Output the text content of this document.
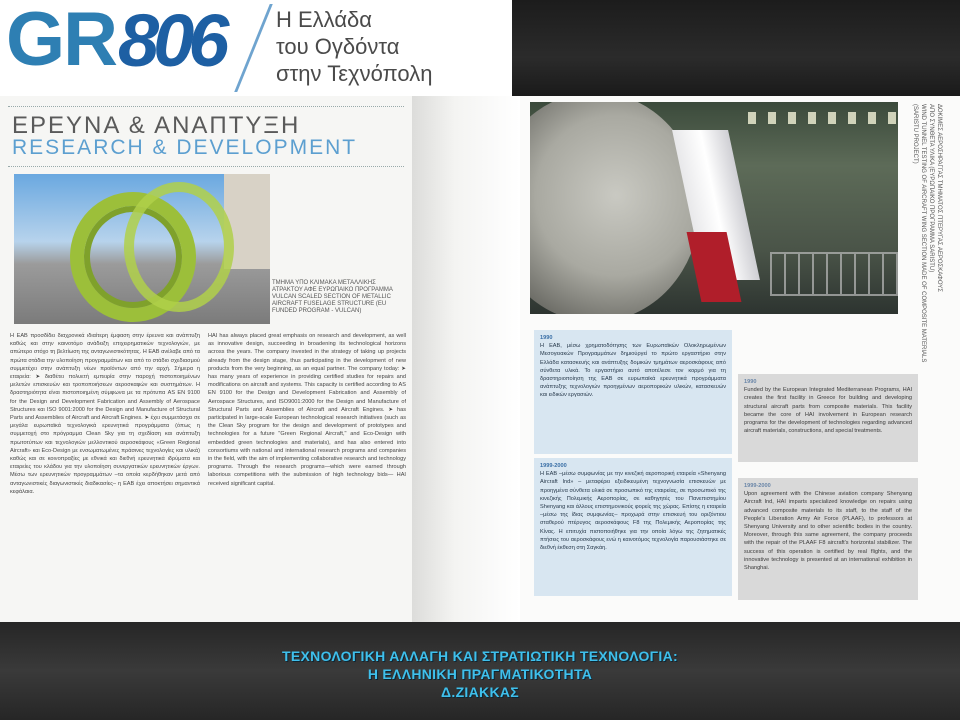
GR 806 Η Ελλάδα
του Ογδόντα
στην Τεχνόπολη
ΕΡΕΥΝΑ & ΑΝΑΠΤΥΞΗ
RESEARCH & DEVELOPMENT
ΤΜΗΜΑ ΥΠΟ ΚΛΙΜΑΚΑ ΜΕΤΑΛΛΙΚΗΣ ΑΤΡΑΚΤΟΥ ΑΦΕ ΕΥΡΩΠΑΙΚΟ ΠΡΟΓΡΑΜΜΑ VULCAN SCALED SECTION OF METALLIC AIRCRAFT FUSELAGE STRUCTURE (EU FUNDED PROGRAM - VULCAN)
Η ΕΑΒ προσδίδει διαχρονικά ιδιαίτερη έμφαση στην έρευνα και ανάπτυξη καθώς και στην καινοτόμο ανάδειξη επιχειρηματικών τεχνολογιών, με απώτερο στόχο τη βελτίωση της ανταγωνιστικότητας. Η ΕΑΒ ανέλαβε από τα πρώτα στάδια την υλοποίηση προγραμμάτων και από το στάδιο σχεδιασμού συμμετέχει στην ανάπτυξη νέων προϊόντων από την αρχή. Σήμερα η εταιρεία: ➤ διαθέτει πολυετή εμπειρία στην παροχή πιστοποιημένων μελετών επισκευών και τροποποιήσεων αεροσκαφών και συστημάτων. Η δραστηριότητα είναι πιστοποιημένη σύμφωνα με τα πρότυπα AS EN 9100 for the Design and Development Fabrication and Assembly of Aerospace Structures και ISO 9001:2000 for the Design and Manufacture of Structural Parts and Assemblies of Aircraft and Aircraft Engines. ➤ έχει συμμετάσχει σε μεγάλα ευρωπαϊκά τεχνολογικά ερευνητικά προγράμματα (όπως η συμμετοχή στο πρόγραμμα Clean Sky για τη σχεδίαση και ανάπτυξη πρωτοτύπων και τεχνολογιών μελλοντικού αεροσκάφους «Green Regional Aircraft» και Eco-Design με ενσωματωμένες πράσινες τεχνολογίες και υλικά) καθώς και σε κοινοπραξίες με εθνικά και διεθνή ερευνητικά ιδρύματα και εταιρείες του κλάδου για την υλοποίηση συνεργατικών ερευνητικών έργων. Μέσω των ερευνητικών προγραμμάτων –τα οποία κερδήθηκαν μετά από ανταγωνιστικές διαγωνιστικές διαδικασίες– η ΕΑΒ έχει αποκτήσει σημαντικά κεφάλαια.
HAI has always placed great emphasis on research and development, as well as innovative design, succeeding in broadening its technological horizons across the years. The company invested in the strategy of taking up projects already from the design stage, thus participating in the development of new products from the very beginning, as an equal partner. The company today: ➤ has many years of experience in providing certified studies for repairs and modifications on aircraft and systems. This capacity is certified according to AS EN 9100 for the Design and Development Fabrication and Assembly of Aerospace Structures, and ISO9001:2000 for the Design and Manufacture of Structural Parts and Assemblies of Aircraft and Aircraft Engines. ➤ has participated in large-scale European technological research initiatives (such as the Clean Sky program for the design and development of prototypes and technologies for a future "Green Regional Aircraft," and Eco-Design with embedded green technologies and materials), and has also entered into consortiums with national and international research programs and companies in the field, with the aim of implementing collaborative research and technology programs. Through the research programs—which were earned through laborious competitions with the submission of high technology bids— HAI received significant capital.
ΔΟΚΙΜΕΣ ΑΕΡΟΣΗΡΑΓΓΑΣ ΤΜΗΜΑΤΟΣ ΠΤΕΡΥΓΑΣ ΑΕΡΟΣΚΑΦΟΥΣ
ΑΠΟ ΣΥΝΘΕΤΑ ΥΛΙΚΑ (ΕΥΡΩΠΑΙΚΟ ΠΡΟΓΡΑΜΜΑ SARISTU)
WIND TUNNEL TESTING OF AIRCRAFT WING SECTION MADE OF COMPOSITE MATERIALS
(SARISTU PROJECT)
1990
Η ΕΑΒ, μέσω χρηματοδότησης των Ευρωπαϊκών Ολοκληρωμένων Μεσογειακών Προγραμμάτων δημιούργεί το πρώτο εργαστήριο στην Ελλάδα κατασκευής και ανάπτυξης δομικών τμημάτων αεροσκάφους από σύνθετα υλικά. Το εργαστήριο αυτό αποτέλεσε τον κορμό για τη δραστηριοποίηση της ΕΑΒ σε ευρωπαϊκά ερευνητικά προγράμματα ανάπτυξης τεχνολογιών προηγμένων αεροπορικών υλικών, κατασκευών και ειδικών εργασιών.
1999-2000
Η ΕΑΒ –μέσω συμφωνίας με την κινεζική αεροπορική εταιρεία «Shenyang Aircraft Ind» – μεταφέρει εξειδικευμένη τεχνογνωσία επισκευών με προηγμένα σύνθετα υλικά σε προσωπικό της εταιρείας, σε προσωπικό της κινεζικής Πολεμικής Αεροπορίας, σε καθηγητές του Πανεπιστημίου Shenyang και άλλους επιστημονικούς φορείς της χώρας. Επίσης η εταιρεία –μέσω της ίδιας συμφωνίας– προχωρά στην επισκευή του οριζόντιου σταθερού πτέρυγος αεροσκάφους F8 της Πολεμικής Αεροπορίας της Κίνας. Η επιτυχία πιστοποιήθηκε για την οποία λόγω της ζητηματικές πτήσεις του αεροσκάφους ενώ η καινοτόμος τεχνολογία παρουσιάστηκε σε διεθνή έκθεση στη Σαγκάη.
1990
Funded by the European Integrated Mediterranean Programs, HAI creates the first facility in Greece for building and developing structural aircraft parts from composite materials. This facility became the core of HAI involvement in European research programs for the development of technologies regarding advanced aircraft materials, constructions, and special treatments.
1999-2000
Upon agreement with the Chinese aviation company Shenyang Aircraft Ind, HAI imparts specialized knowledge on repairs using advanced composite materials to its staff, to the staff of the People's Liberation Army Air Force (PLAAF), to professors at Shenyang University and to other scientific bodies in the country. Moreover, through this same agreement, the company proceeds with the repair of the PLAAF F8 aircraft's horizontal stabilizer. The success of this operation is certified by real flights, and the innovative technology is presented at an international exhibition in Shanghai.
ΤΕΧΝΟΛΟΓΙΚΗ ΑΛΛΑΓΗ ΚΑΙ ΣΤΡΑΤΙΩΤΙΚΗ ΤΕΧΝΟΛΟΓΙΑ:
Η ΕΛΛΗΝΙΚΗ ΠΡΑΓΜΑΤΙΚΟΤΗΤΑ
Δ.ΖΙΑΚΚΑΣ
